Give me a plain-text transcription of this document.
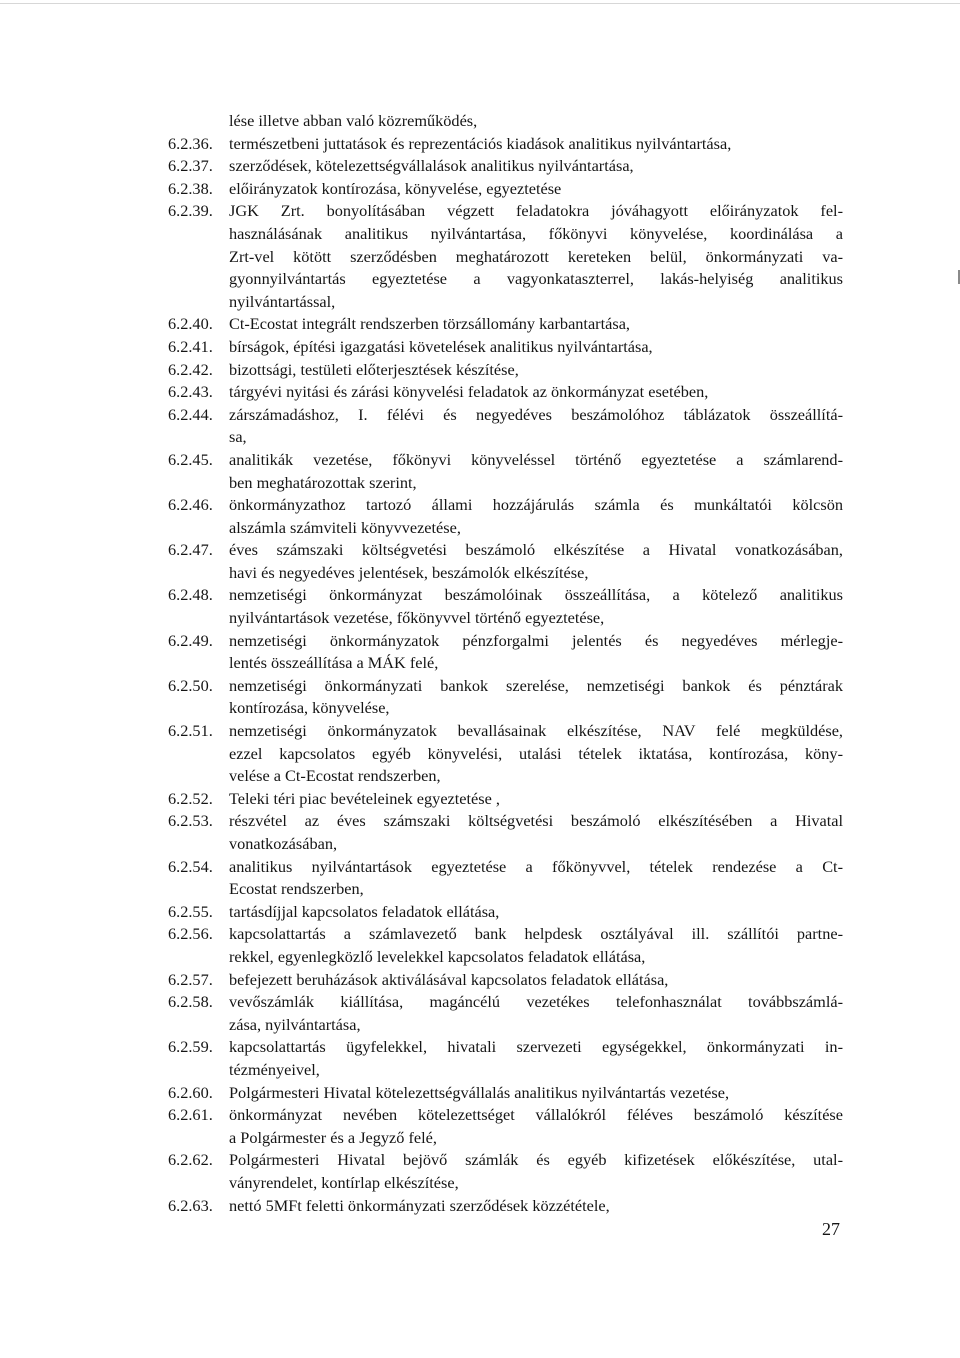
lése illetve abban való közreműködés,
6.2.36. természetbeni juttatások és reprezentációs kiadások analitikus nyilvántartása,
6.2.37. szerződések, kötelezettségvállalások analitikus nyilvántartása,
6.2.38. előirányzatok kontírozása, könyvelése, egyeztetése
6.2.39. JGK Zrt. bonyolításában végzett feladatokra jóváhagyott előirányzatok fel-
használásának analitikus nyilvántartása, főkönyvi könyvelése, koordinálása a
Zrt-vel kötött szerződésben meghatározott kereteken belül, önkormányzati va-
gyonnyilvántartás egyeztetése a vagyonkataszterrel, lakás-helyiség analitikus
nyilvántartással,
6.2.40. Ct-Ecostat integrált rendszerben törzsállomány karbantartása,
6.2.41. bírságok, építési igazgatási követelések analitikus nyilvántartása,
6.2.42. bizottsági, testületi előterjesztések készítése,
6.2.43. tárgyévi nyitási és zárási könyvelési feladatok az önkormányzat esetében,
6.2.44. zárszámadáshoz, I. félévi és negyedéves beszámolóhoz táblázatok összeállítá-
sa,
6.2.45. analitikák vezetése, főkönyvi könyveléssel történő egyeztetése a számlarend-
ben meghatározottak szerint,
6.2.46. önkormányzathoz tartozó állami hozzájárulás számla és munkáltatói kölcsön
alszámla számviteli könyvvezetése,
6.2.47. éves számszaki költségvetési beszámoló elkészítése a Hivatal vonatkozásában,
havi és negyedéves jelentések, beszámolók elkészítése,
6.2.48. nemzetiségi önkormányzat beszámolóinak összeállítása, a kötelező analitikus
nyilvántartások vezetése, főkönyvvel történő egyeztetése,
6.2.49. nemzetiségi önkormányzatok pénzforgalmi jelentés és negyedéves mérlegje-
lentés összeállítása a MÁK felé,
6.2.50. nemzetiségi önkormányzati bankok szerelése, nemzetiségi bankok és pénztárak
kontírozása, könyvelése,
6.2.51. nemzetiségi önkormányzatok bevallásainak elkészítése, NAV felé megküldése,
ezzel kapcsolatos egyéb könyvelési, utalási tételek iktatása, kontírozása, köny-
velése a Ct-Ecostat rendszerben,
6.2.52. Teleki téri piac bevételeinek egyeztetése ,
6.2.53. részvétel az éves számszaki költségvetési beszámoló elkészítésében a Hivatal
vonatkozásában,
6.2.54. analitikus nyilvántartások egyeztetése a főkönyvvel, tételek rendezése a Ct-
Ecostat rendszerben,
6.2.55. tartásdíjjal kapcsolatos feladatok ellátása,
6.2.56. kapcsolattartás a számlavezető bank helpdesk osztályával ill. szállítói partne-
rekkel, egyenlegközlő levelekkel kapcsolatos feladatok ellátása,
6.2.57. befejezett beruházások aktiválásával kapcsolatos feladatok ellátása,
6.2.58. vevőszámlák kiállítása, magáncélú vezetékes telefonhasználat továbbszámlá-
zása, nyilvántartása,
6.2.59. kapcsolattartás ügyfelekkel, hivatali szervezeti egységekkel, önkormányzati in-
tézményeivel,
6.2.60. Polgármesteri Hivatal kötelezettségvállalás analitikus nyilvántartás vezetése,
6.2.61. önkormányzat nevében kötelezettséget vállalókról féléves beszámoló készítése
a Polgármester és a Jegyző felé,
6.2.62. Polgármesteri Hivatal bejövő számlák és egyéb kifizetések előkészítése, utal-
ványrendelet, kontírlap elkészítése,
6.2.63. nettó 5MFt feletti önkormányzati szerződések közzététele,
27
